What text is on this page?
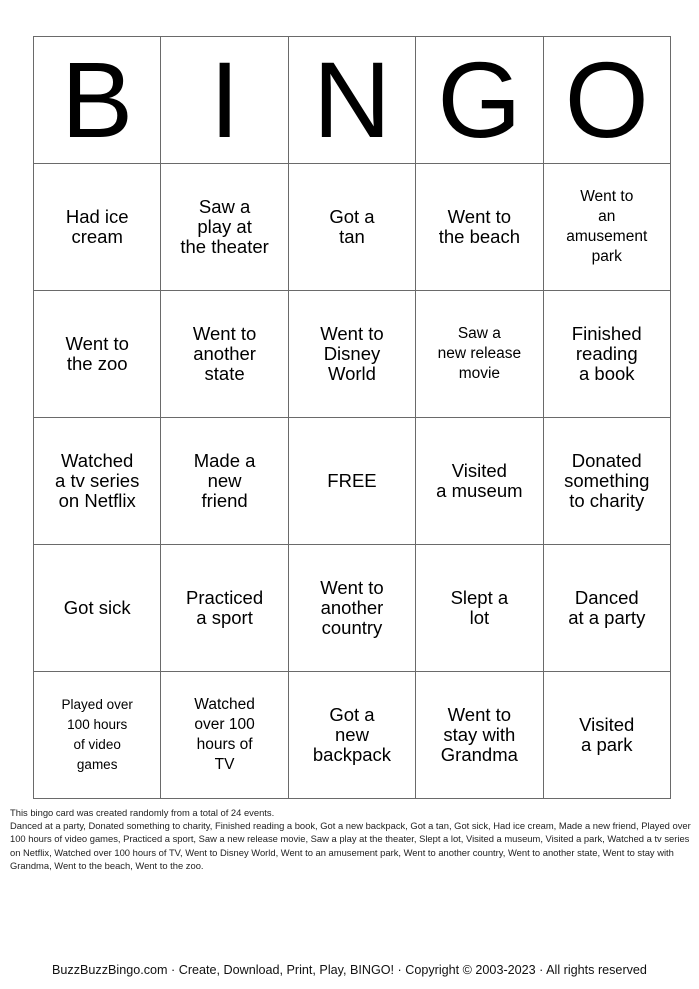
B	I	N	G	O

Had ice
cream	Saw a
play at
the theater	Got a
tan	Went to
the beach	Went to
an
amusement
park

Went to
the zoo	Went to
another
state	Went to
Disney
World	Saw a
new release
movie	Finished
reading
a book

Watched
a tv series
on Netflix	Made a
new
friend	FREE	Visited
a museum	Donated
something
to charity

Got sick	Practiced
a sport	Went to
another
country	Slept a
lot	Danced
at a party

Played over
100 hours
of video
games	Watched
over 100
hours of
TV	Got a
new
backpack	Went to
stay with
Grandma	Visited
a park

This bingo card was created randomly from a total of 24 events.

Danced at a party, Donated something to charity, Finished reading a book, Got a new backpack, Got a tan, Got sick, Had ice cream, Made a new friend, Played over 100 hours of video games, Practiced a sport, Saw a new release movie, Saw a play at the theater, Slept a lot, Visited a museum, Visited a park, Watched a tv series on Netflix, Watched over 100 hours of TV, Went to Disney World, Went to an amusement park, Went to another country, Went to another state, Went to stay with Grandma, Went to the beach, Went to the zoo.

BuzzBuzzBingo.com · Create, Download, Print, Play, BINGO! · Copyright © 2003-2023 · All rights reserved
